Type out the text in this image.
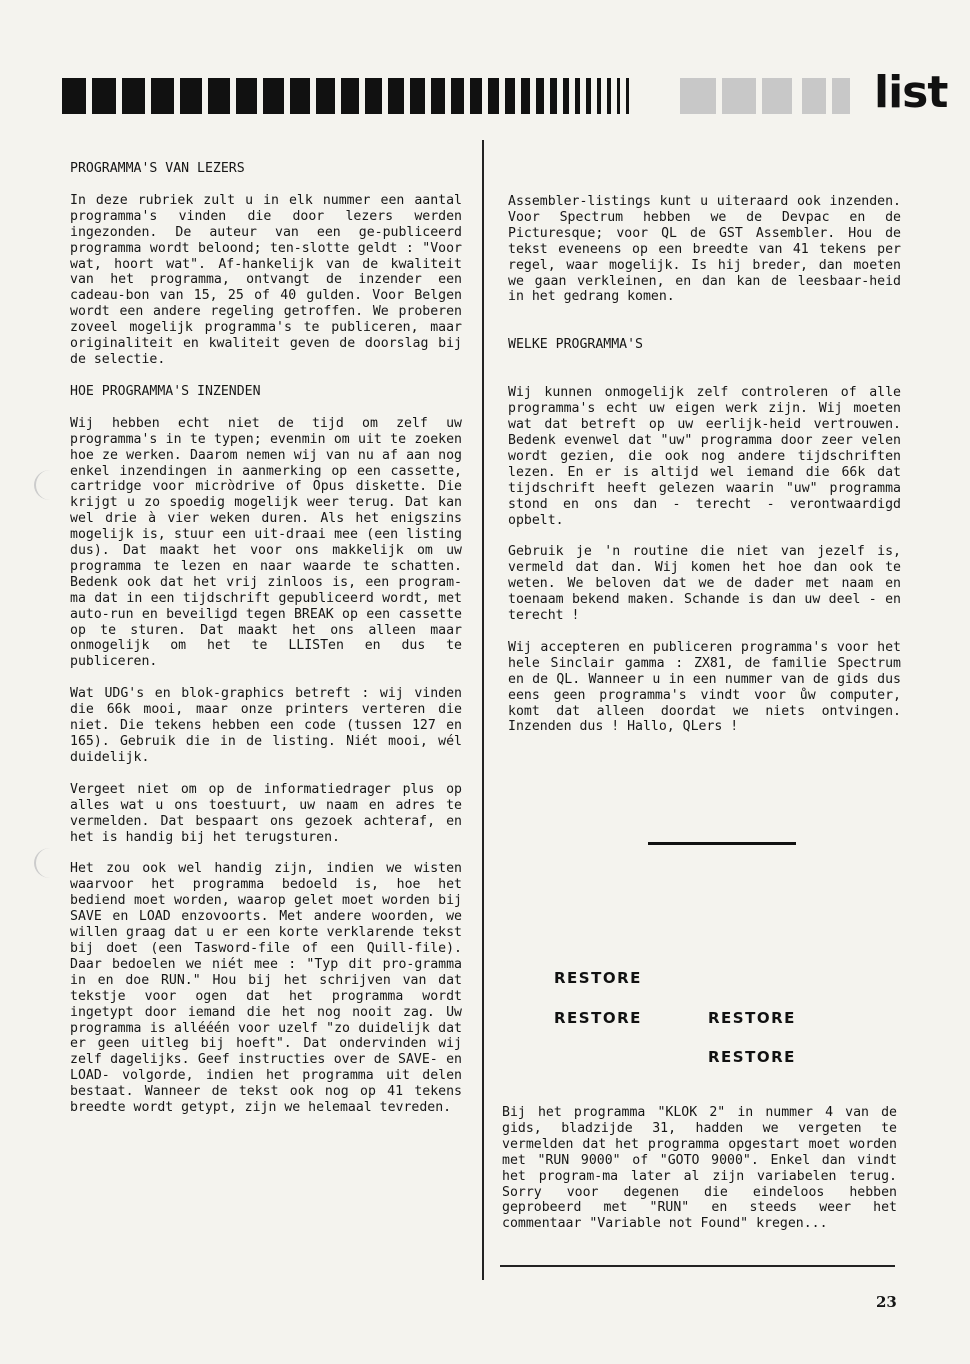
list
PROGRAMMA'S VAN LEZERS
In deze rubriek zult u in elk nummer een aantal programma's vinden die door lezers werden ingezonden. De auteur van een ge-publiceerd programma wordt beloond; ten-slotte geldt : "Voor wat, hoort wat". Af-hankelijk van de kwaliteit van het programma, ontvangt de inzender een cadeau-bon van 15, 25 of 40 gulden. Voor Belgen wordt een andere regeling getroffen. We proberen zoveel mogelijk programma's te publiceren, maar originaliteit en kwaliteit geven de doorslag bij de selectie.
HOE PROGRAMMA'S INZENDEN
Wij hebben echt niet de tijd om zelf uw programma's in te typen; evenmin om uit te zoeken hoe ze werken. Daarom nemen wij van nu af aan nog enkel inzendingen in aanmerking op een cassette, cartridge voor micròdrive of Opus diskette. Die krijgt u zo spoedig mogelijk weer terug. Dat kan wel drie à vier weken duren. Als het enigszins mogelijk is, stuur een uit-draai mee (een listing dus). Dat maakt het voor ons makkelijk om uw programma te lezen en naar waarde te schatten. Bedenk ook dat het vrij zinloos is, een program-ma dat in een tijdschrift gepubliceerd wordt, met auto-run en beveiligd tegen BREAK op een cassette op te sturen. Dat maakt het ons alleen maar onmogelijk om het te LLISTen en dus te publiceren.
Wat UDG's en blok-graphics betreft : wij vinden die 66k mooi, maar onze printers verteren die niet. Die tekens hebben een code (tussen 127 en 165). Gebruik die in de listing. Niét mooi, wél duidelijk.
Vergeet niet om op de informatiedrager plus op alles wat u ons toestuurt, uw naam en adres te vermelden. Dat bespaart ons gezoek achteraf, en het is handig bij het terugsturen.
Het zou ook wel handig zijn, indien we wisten waarvoor het programma bedoeld is, hoe het bediend moet worden, waarop gelet moet worden bij SAVE en LOAD enzovoorts. Met andere woorden, we willen graag dat u er een korte verklarende tekst bij doet (een Tasword-file of een Quill-file). Daar bedoelen we niét mee : "Typ dit pro-gramma in en doe RUN." Hou bij het schrijven van dat tekstje voor ogen dat het programma wordt ingetypt door iemand die het nog nooit zag. Uw programma is allééén voor uzelf "zo duidelijk dat er geen uitleg bij hoeft". Dat ondervinden wij zelf dagelijks. Geef instructies over de SAVE- en LOAD- volgorde, indien het programma uit delen bestaat. Wanneer de tekst ook nog op 41 tekens breedte wordt getypt, zijn we helemaal tevreden.
Assembler-listings kunt u uiteraard ook inzenden. Voor Spectrum hebben we de Devpac en de Picturesque; voor QL de GST Assembler. Hou de tekst eveneens op een breedte van 41 tekens per regel, waar mogelijk. Is hij breder, dan moeten we gaan verkleinen, en dan kan de leesbaar-heid in het gedrang komen.
WELKE PROGRAMMA'S
Wij kunnen onmogelijk zelf controleren of alle programma's echt uw eigen werk zijn. Wij moeten wat dat betreft op uw eerlijk-heid vertrouwen. Bedenk evenwel dat "uw" programma door zeer velen wordt gezien, die ook nog andere tijdschriften lezen. En er is altijd wel iemand die 66k dat tijdschrift heeft gelezen waarin "uw" programma stond en ons dan - terecht - verontwaardigd opbelt.
Gebruik je 'n routine die niet van jezelf is, vermeld dat dan. Wij komen het hoe dan ook te weten. We beloven dat we de dader met naam en toenaam bekend maken. Schande is dan uw deel - en terecht !
Wij accepteren en publiceren programma's voor het hele Sinclair gamma : ZX81, de familie Spectrum en de QL. Wanneer u in een nummer van de gids dus eens geen programma's vindt voor ůw computer, komt dat alleen doordat we niets ontvingen. Inzenden dus ! Hallo, QLers !
RESTORE
RESTORE	RESTORE
RESTORE
Bij het programma "KLOK 2" in nummer 4 van de gids, bladzijde 31, hadden we vergeten te vermelden dat het programma opgestart moet worden met "RUN 9000" of "GOTO 9000". Enkel dan vindt het program-ma later al zijn variabelen terug. Sorry voor degenen die eindeloos hebben geprobeerd met "RUN" en steeds weer het commentaar "Variable not Found" kregen...
23
